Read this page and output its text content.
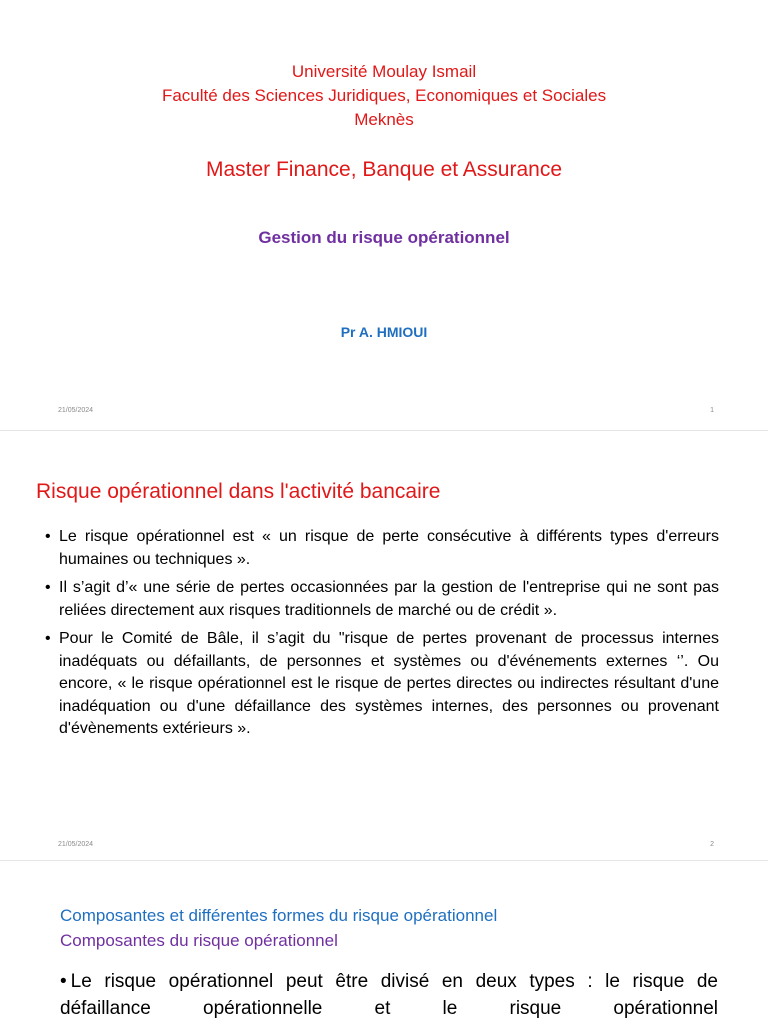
Université Moulay Ismail
Faculté des Sciences Juridiques, Economiques et Sociales
Meknès
Master Finance, Banque et Assurance
Gestion du risque opérationnel
Pr A. HMIOUI
21/05/2024	1
Risque opérationnel dans l'activité bancaire
• Le risque opérationnel est « un risque de perte consécutive à différents types d'erreurs humaines ou techniques ».
• Il s’agit d’« une série de pertes occasionnées par la gestion de l'entreprise qui ne sont pas reliées directement aux risques traditionnels de marché ou de crédit ».
• Pour le Comité de Bâle, il s’agit du "risque de pertes provenant de processus internes inadéquats ou défaillants, de personnes et systèmes ou d'événements externes ‘’. Ou encore, « le risque opérationnel est le risque de pertes directes ou indirectes résultant d'une inadéquation ou d'une défaillance des systèmes internes, des personnes ou provenant d'évènements extérieurs ».
21/05/2024	2
Composantes et différentes formes du risque opérationnel
Composantes du risque opérationnel
• Le risque opérationnel peut être divisé en deux types : le risque de défaillance opérationnelle et le risque opérationnel
